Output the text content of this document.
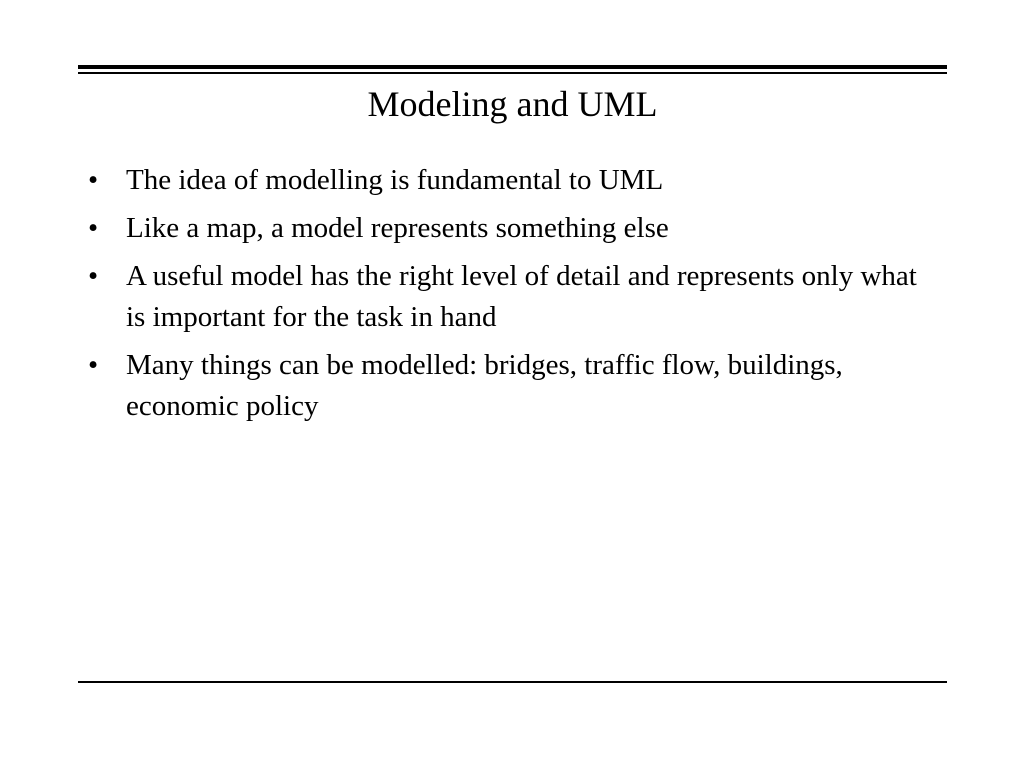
Modeling and UML
• The idea of modelling is fundamental to UML
• Like a map, a model represents something else
• A useful model has the right level of detail and represents only what is important for the task in hand
• Many things can be modelled: bridges, traffic flow, buildings, economic policy
